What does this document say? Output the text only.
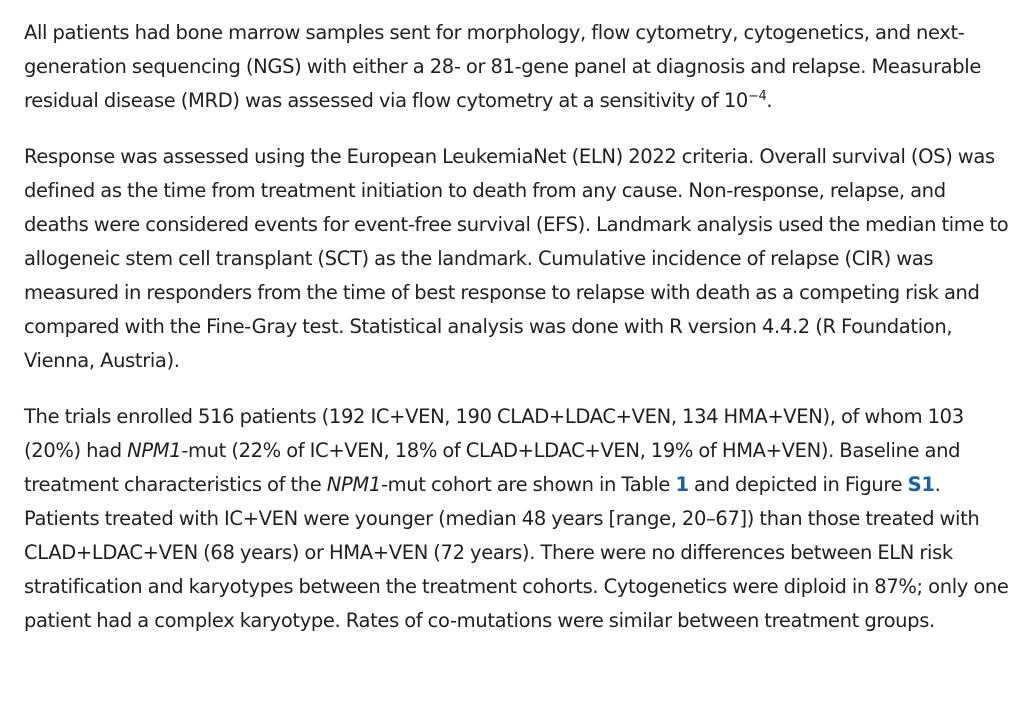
All patients had bone marrow samples sent for morphology, flow cytometry, cytogenetics, and next-generation sequencing (NGS) with either a 28- or 81-gene panel at diagnosis and relapse. Measurable residual disease (MRD) was assessed via flow cytometry at a sensitivity of $10^{-4}$.

Response was assessed using the European LeukemiaNet (ELN) 2022 criteria. Overall survival (OS) was defined as the time from treatment initiation to death from any cause. Non-response, relapse, and deaths were considered events for event-free survival (EFS). Landmark analysis used the median time to allogeneic stem cell transplant (SCT) as the landmark. Cumulative incidence of relapse (CIR) was measured in responders from the time of best response to relapse with death as a competing risk and compared with the Fine-Gray test. Statistical analysis was done with R version 4.4.2 (R Foundation, Vienna, Austria).

The trials enrolled 516 patients (192 IC+VEN, 190 CLAD+LDAC+VEN, 134 HMA+VEN), of whom 103 (20%) had NPM1-mut (22% of IC+VEN, 18% of CLAD+LDAC+VEN, 19% of HMA+VEN). Baseline and treatment characteristics of the NPM1-mut cohort are shown in Table 1 and depicted in Figure S1. Patients treated with IC+VEN were younger (median 48 years [range, 20–67]) than those treated with CLAD+LDAC+VEN (68 years) or HMA+VEN (72 years). There were no differences between ELN risk stratification and karyotypes between the treatment cohorts. Cytogenetics were diploid in 87%; only one patient had a complex karyotype. Rates of co-mutations were similar between treatment groups.
